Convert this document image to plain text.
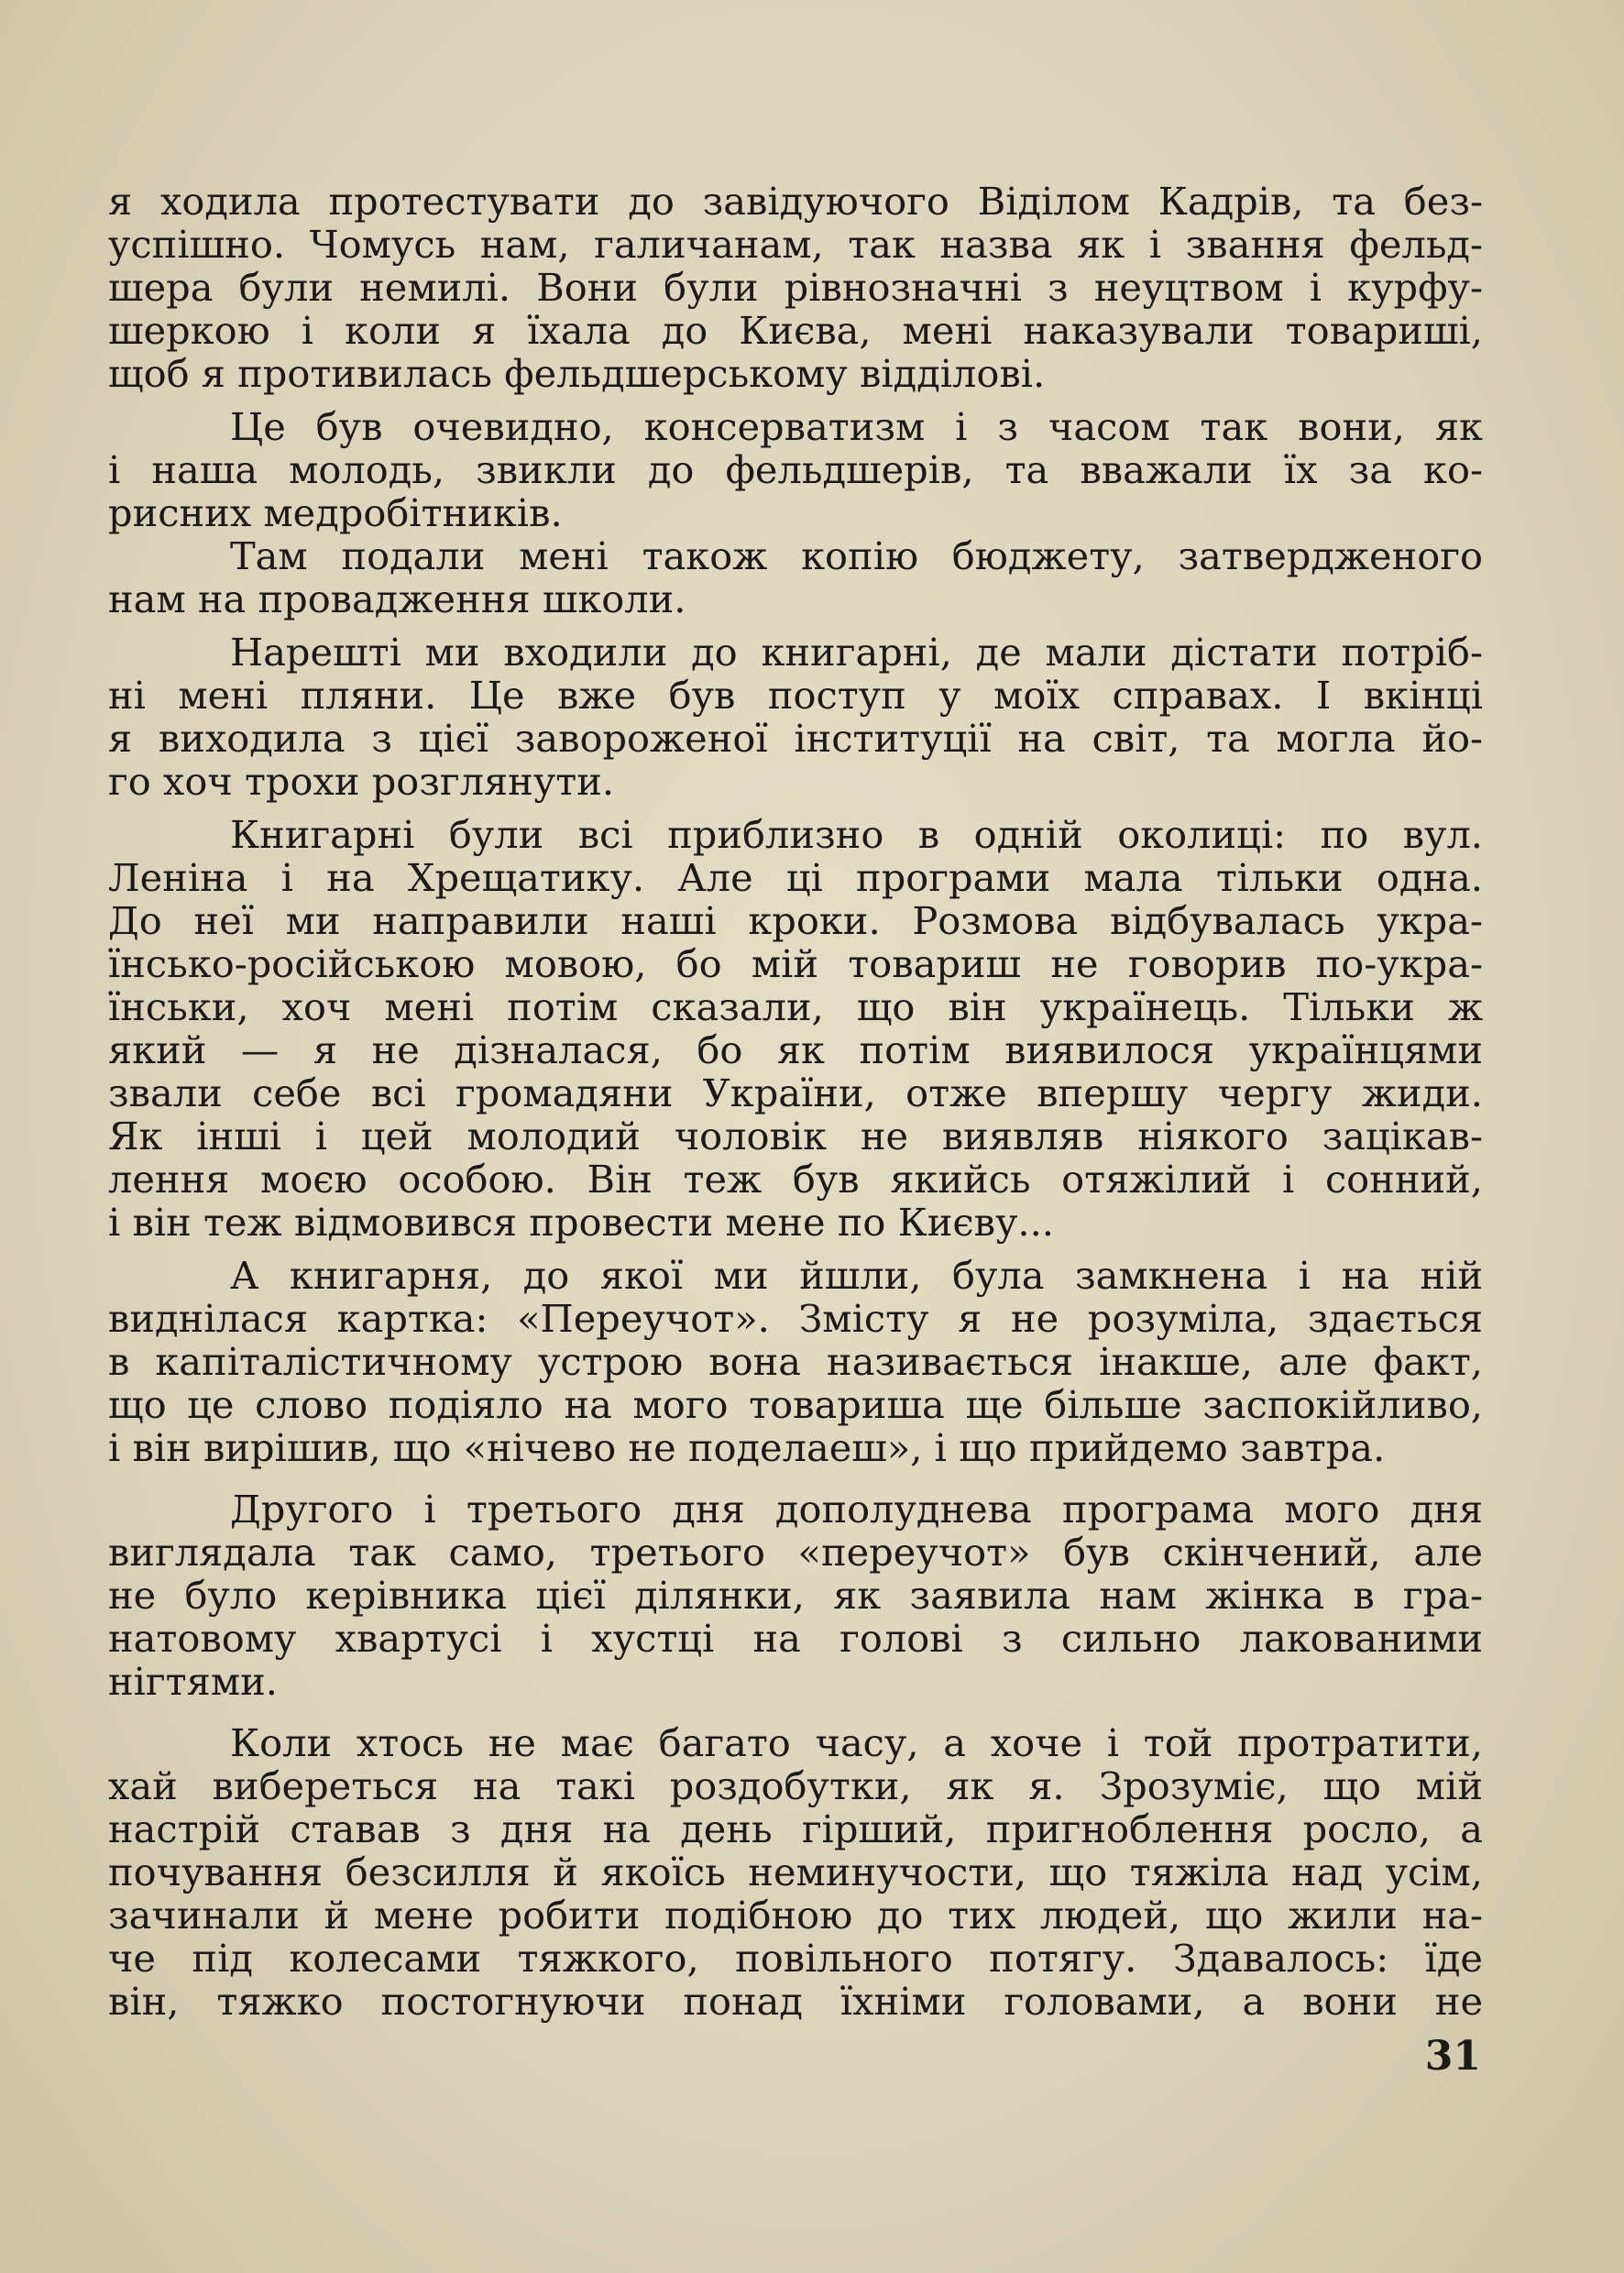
я ходила протестувати до завідуючого Віділом Кадрів, та без-
успішно. Чомусь нам, галичанам, так назва як і звання фельд-
шера були немилі. Вони були рівнозначні з неуцтвом і курфу-
шеркою і коли я їхала до Києва, мені наказували товариші,
щоб я противилась фельдшерському відділові.
Це був очевидно, консерватизм і з часом так вони, як
і наша молодь, звикли до фельдшерів, та вважали їх за ко-
рисних медробітників.
Там подали мені також копію бюджету, затвердженого
нам на провадження школи.
Нарешті ми входили до книгарні, де мали дістати потріб-
ні мені пляни. Це вже був поступ у моїх справах. І вкінці
я виходила з цієї завороженої інституції на світ, та могла йо-
го хоч трохи розглянути.
Книгарні були всі приблизно в одній околиці: по вул.
Леніна і на Хрещатику. Але ці програми мала тільки одна.
До неї ми направили наші кроки. Розмова відбувалась укра-
їнсько-російською мовою, бо мій товариш не говорив по-укра-
їнськи, хоч мені потім сказали, що він українець. Тільки ж
який — я не дізналася, бо як потім виявилося українцями
звали себе всі громадяни України, отже впершу чергу жиди.
Як інші і цей молодий чоловік не виявляв ніякого зацікав-
лення моєю особою. Він теж був якийсь отяжілий і сонний,
і він теж відмовився провести мене по Києву...
А книгарня, до якої ми йшли, була замкнена і на ній
виднілася картка: «Переучот». Змісту я не розуміла, здається
в капіталістичному устрою вона називається інакше, але факт,
що це слово подіяло на мого товариша ще більше заспокійливо,
і він вирішив, що «нічево не поделаеш», і що прийдемо завтра.
Другого і третього дня дополуднева програма мого дня
виглядала так само, третього «переучот» був скінчений, але
не було керівника цієї ділянки, як заявила нам жінка в гра-
натовому хвартусі і хустці на голові з сильно лакованими
нігтями.
Коли хтось не має багато часу, а хоче і той протратити,
хай вибереться на такі роздобутки, як я. Зрозуміє, що мій
настрій ставав з дня на день гірший, пригноблення росло, а
почування безсилля й якоїсь неминучости, що тяжіла над усім,
зачинали й мене робити подібною до тих людей, що жили на-
че під колесами тяжкого, повільного потягу. Здавалось: їде
він, тяжко постогнуючи понад їхніми головами, а вони не
31
